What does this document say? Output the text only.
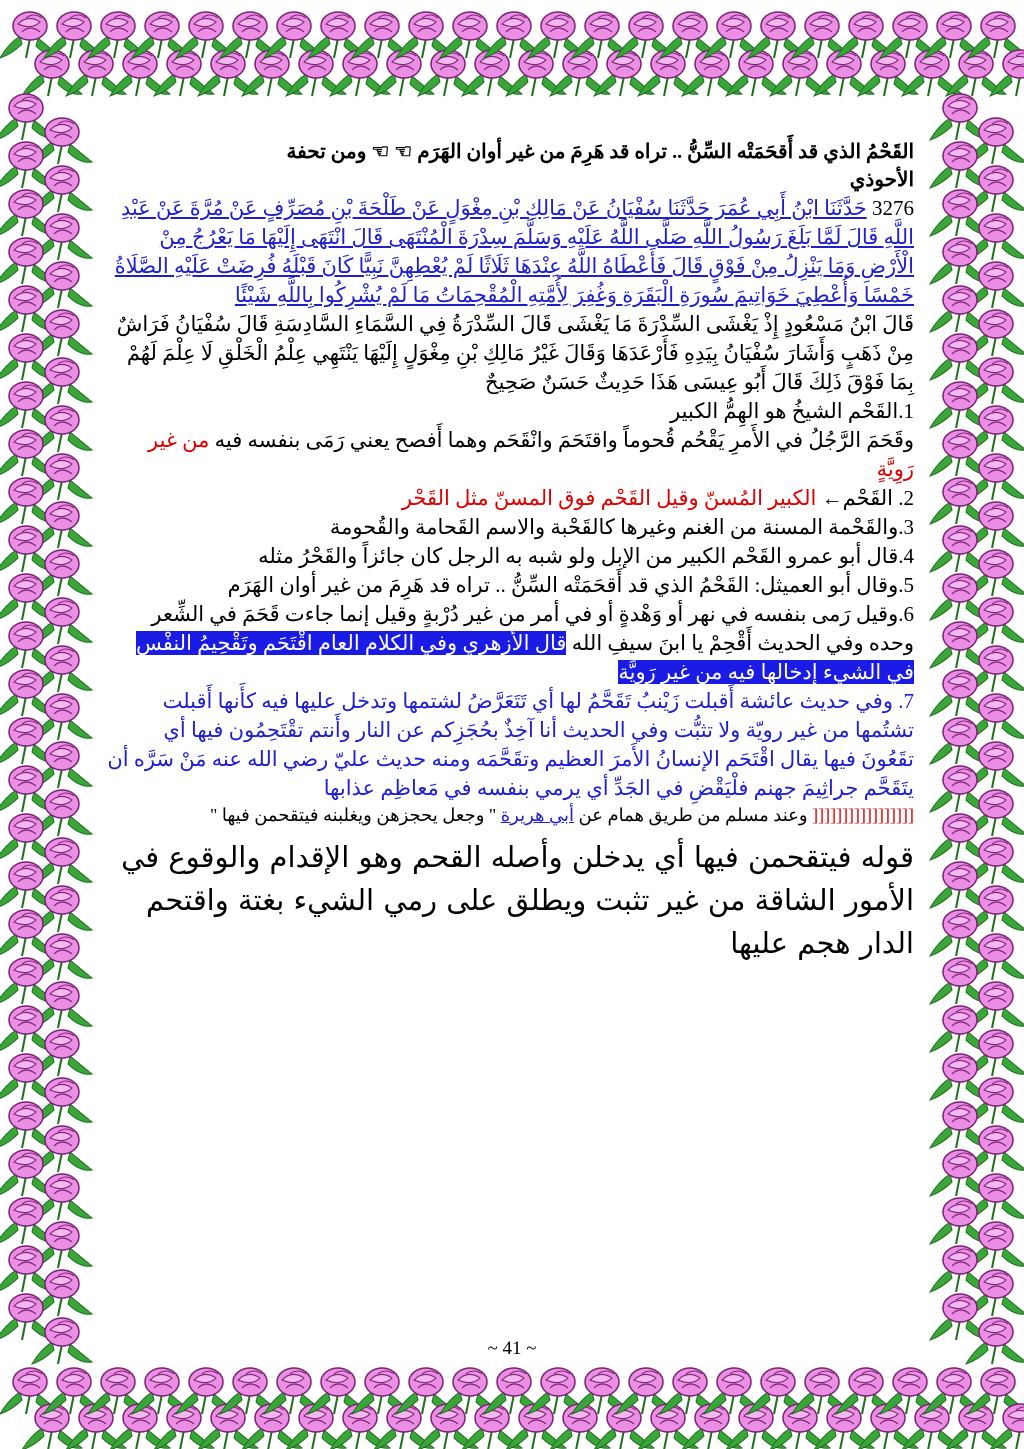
القَحْمُ الذي قد أَقحَمَتْه السِّنُّ .. تراه قد هَرِمَ من غير أوان الهَرَم ☜ ☜ ومن تحفة

الأحوذي

3276 حَدَّثَنَا ابْنُ أَبِي عُمَرَ حَدَّثَنَا سُفْيَانُ عَنْ مَالِكِ بْنِ مِغْوَلٍ عَنْ طَلْحَةَ بْنِ مُصَرِّفٍ عَنْ مُرَّةَ عَنْ عَبْدِ اللَّهِ قَالَ لَمَّا بَلَغَ رَسُولُ اللَّهِ صَلَّى اللَّهُ عَلَيْهِ وَسَلَّمَ سِدْرَةَ الْمُنْتَهَى قَالَ انْتَهَى إِلَيْهَا مَا يَعْرُجُ مِنْ الْأَرْضِ وَمَا يَنْزِلُ مِنْ فَوْقٍ قَالَ فَأَعْطَاهُ اللَّهُ عِنْدَهَا ثَلَاثًا لَمْ يُعْطِهِنَّ نَبِيًّا كَانَ قَبْلَهُ فُرِضَتْ عَلَيْهِ الصَّلَاةُ خَمْسًا وَأُعْطِيَ خَوَاتِيمَ سُورَةِ الْبَقَرَةِ وَغُفِرَ لِأُمَّتِهِ الْمُقْحِمَاتُ مَا لَمْ يُشْرِكُوا بِاللَّهِ شَيْئًا

قَالَ ابْنُ مَسْعُودٍ إِذْ يَغْشَى السِّدْرَةَ مَا يَغْشَى قَالَ السِّدْرَةُ فِي السَّمَاءِ السَّادِسَةِ قَالَ سُفْيَانُ فَرَاشٌ مِنْ ذَهَبٍ وَأَشَارَ سُفْيَانُ بِيَدِهِ فَأَرْعَدَهَا وَقَالَ غَيْرُ مَالِكِ بْنِ مِغْوَلٍ إِلَيْهَا يَنْتَهِي عِلْمُ الْخَلْقِ لَا عِلْمَ لَهُمْ بِمَا فَوْقَ ذَلِكَ قَالَ أَبُو عِيسَى هَذَا حَدِيثٌ حَسَنٌ صَحِيحٌ

1.القَحْم الشيخُ هو الهِمُّ الكبير

وقَحَمَ الرَّجُلُ في الأَمرِ يَقْحُم قُحوماً واقتَحَمَ وانْقَحَم وهما أَفصح يعني رَمَى بنفسه فيه من غير رَوِيَّةٍ

2. القَحْم← الكبير المُسنّ وقيل القَحْم فوق المسنّ مثل القَحْر

3.والقَحْمة المسنة من الغنم وغيرها كالقَحْبة والاسم القَحامة والقُحومة

4.قال أبو عمرو القَحْم الكبير من الإبل ولو شبه به الرجل كان جائزاً والقَحْرُ مثله

5.وقال أبو العميثل: القَحْمُ الذي قد أَقحَمَتْه السِّنُّ .. تراه قد هَرِمَ من غير أوان الهَرَم

6.وقيل رَمى بنفسه في نهر أو وَهْدةٍ أو في أمر من غير دُرْبةٍ وقيل إنما جاءت قَحَمَ في الشِّعر وحده وفي الحديث أَقْحِمْ يا ابنَ سيفِ الله قال الأزهري وفي الكلام العام اقْتَحَم وتَقْحِيمُ النفْسِ في الشيء إدخالها فيه من غير رَوِيَّة

7. وفي حديث عائشة أَقبلت زَيْنبُ تَقَحَّمُ لها أي تَتَعَرَّضُ لشتمها وتدخل عليها فيه كأَنها أَقبلت تشتُمها من غير رويّة ولا تثبُّت وفي الحديث أنا آخِذٌ بحُجَزِكم عن النار وأَنتم تقْتَحِمُون فيها أي تقَعُونَ فيها يقال اقْتَحَم الإنسانُ الأَمرَ العظيم وتقَحَّمَه ومنه حديث عليّ رضي الله عنه مَنْ سَرَّه أن يتَقَحَّم جراثِيمَ جهنم فلْيَقْضِ في الجَدِّ أي يرمي بنفسه في مَعاظِم عذابها

[[[[[[[[[[[[[[[[[ وعند مسلم من طريق همام عن أبي هريرة " وجعل يحجزهن ويغلبنه فيتقحمن فيها "

قوله فيتقحمن فيها أي يدخلن وأصله القحم وهو الإقدام والوقوع في الأمور الشاقة من غير تثبت ويطلق على رمي الشيء بغتة واقتحم الدار هجم عليها

~ 41 ~
